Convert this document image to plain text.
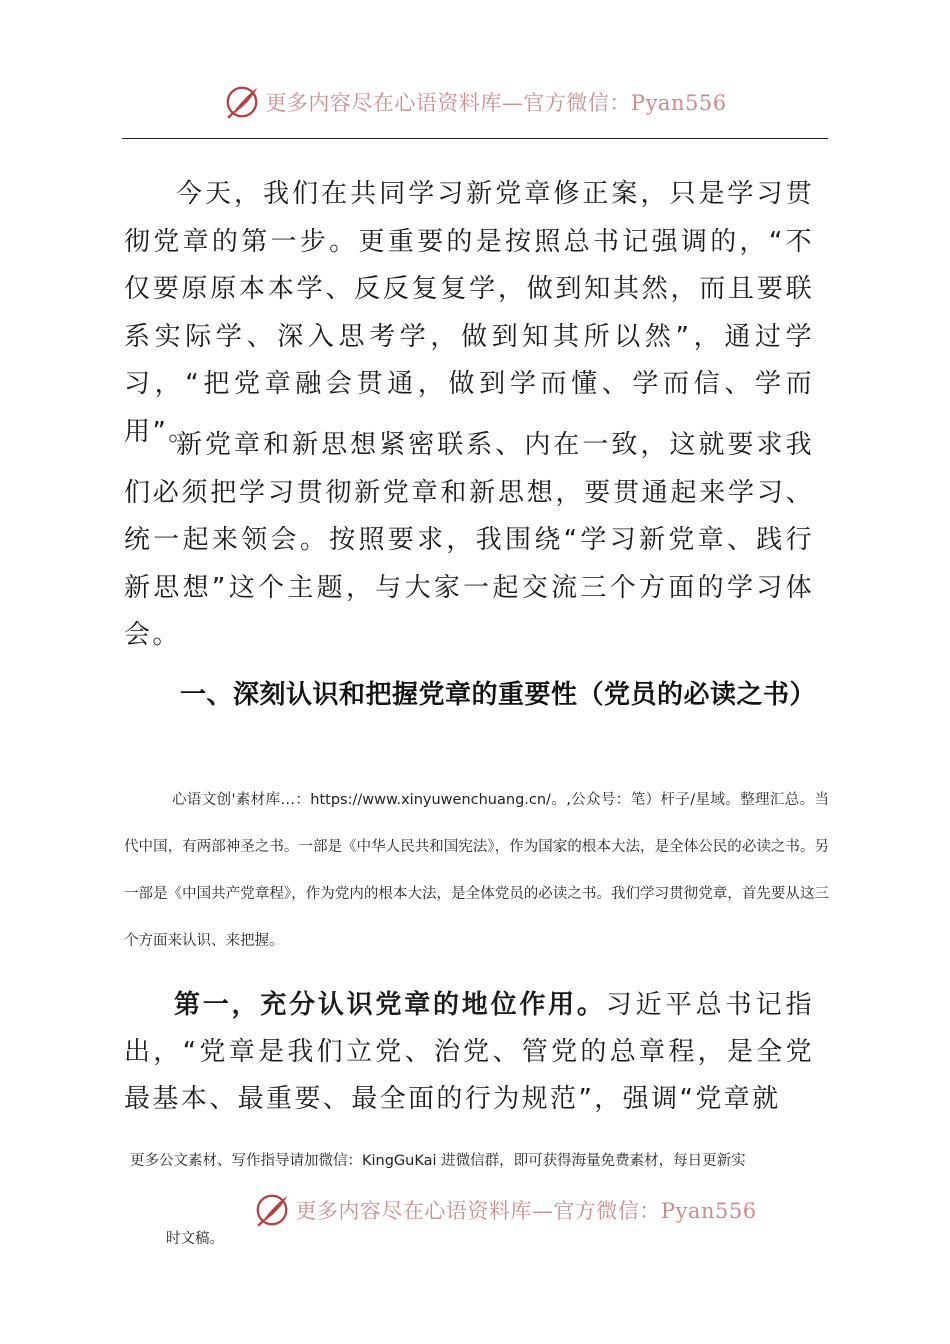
更多内容尽在心语资料库—官方微信：Pyan556

今天，我们在共同学习新党章修正案，只是学习贯彻党章的第一步。更重要的是按照总书记强调的，“不仅要原原本本学、反反复复学，做到知其然，而且要联系实际学、深入思考学，做到知其所以然”，通过学习，“把党章融会贯通，做到学而懂、学而信、学而用”。

新党章和新思想紧密联系、内在一致，这就要求我们必须把学习贯彻新党章和新思想，要贯通起来学习、统一起来领会。按照要求，我围绕“学习新党章、践行新思想”这个主题，与大家一起交流三个方面的学习体会。

一、深刻认识和把握党章的重要性（党员的必读之书）

心语文创'素材库…：https://www.xinyuwenchuang.cn/。,公众号：笔）杆子/星域。整理汇总。当代中国，有两部神圣之书。一部是《中华人民共和国宪法》，作为国家的根本大法，是全体公民的必读之书。另一部是《中国共产党章程》，作为党内的根本大法，是全体党员的必读之书。我们学习贯彻党章，首先要从这三个方面来认识、来把握。

第一，充分认识党章的地位作用。习近平总书记指出，“党章是我们立党、治党、管党的总章程，是全党最基本、最重要、最全面的行为规范”，强调“党章就

更多公文素材、写作指导请加微信：KingGuKai 进微信群，即可获得海量免费素材，每日更新实

更多内容尽在心语资料库—官方微信：Pyan556

时文稿。
